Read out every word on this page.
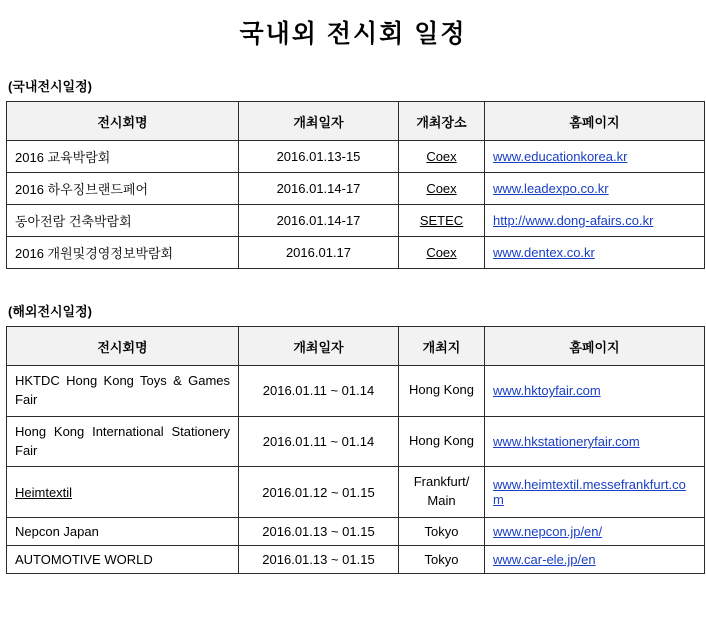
국내외 전시회 일정
(국내전시일정)
전시회명	개최일자	개최장소	홈페이지
2016 교육박람회	2016.01.13-15	Coex	www.educationkorea.kr
2016 하우징브랜드페어	2016.01.14-17	Coex	www.leadexpo.co.kr
동아전람 건축박람회	2016.01.14-17	SETEC	http://www.dong-afairs.co.kr
2016 개원및경영정보박람회	2016.01.17	Coex	www.dentex.co.kr
(해외전시일정)
전시회명	개최일자	개최지	홈페이지
HKTDC Hong Kong Toys & Games Fair	2016.01.11 ~ 01.14	Hong Kong	www.hktoyfair.com
Hong Kong International Stationery Fair	2016.01.11 ~ 01.14	Hong Kong	www.hkstationeryfair.com
Heimtextil	2016.01.12 ~ 01.15	Frankfurt/ Main	www.heimtextil.messefrankfurt.com
Nepcon Japan	2016.01.13 ~ 01.15	Tokyo	www.nepcon.jp/en/
AUTOMOTIVE WORLD	2016.01.13 ~ 01.15	Tokyo	www.car-ele.jp/en
